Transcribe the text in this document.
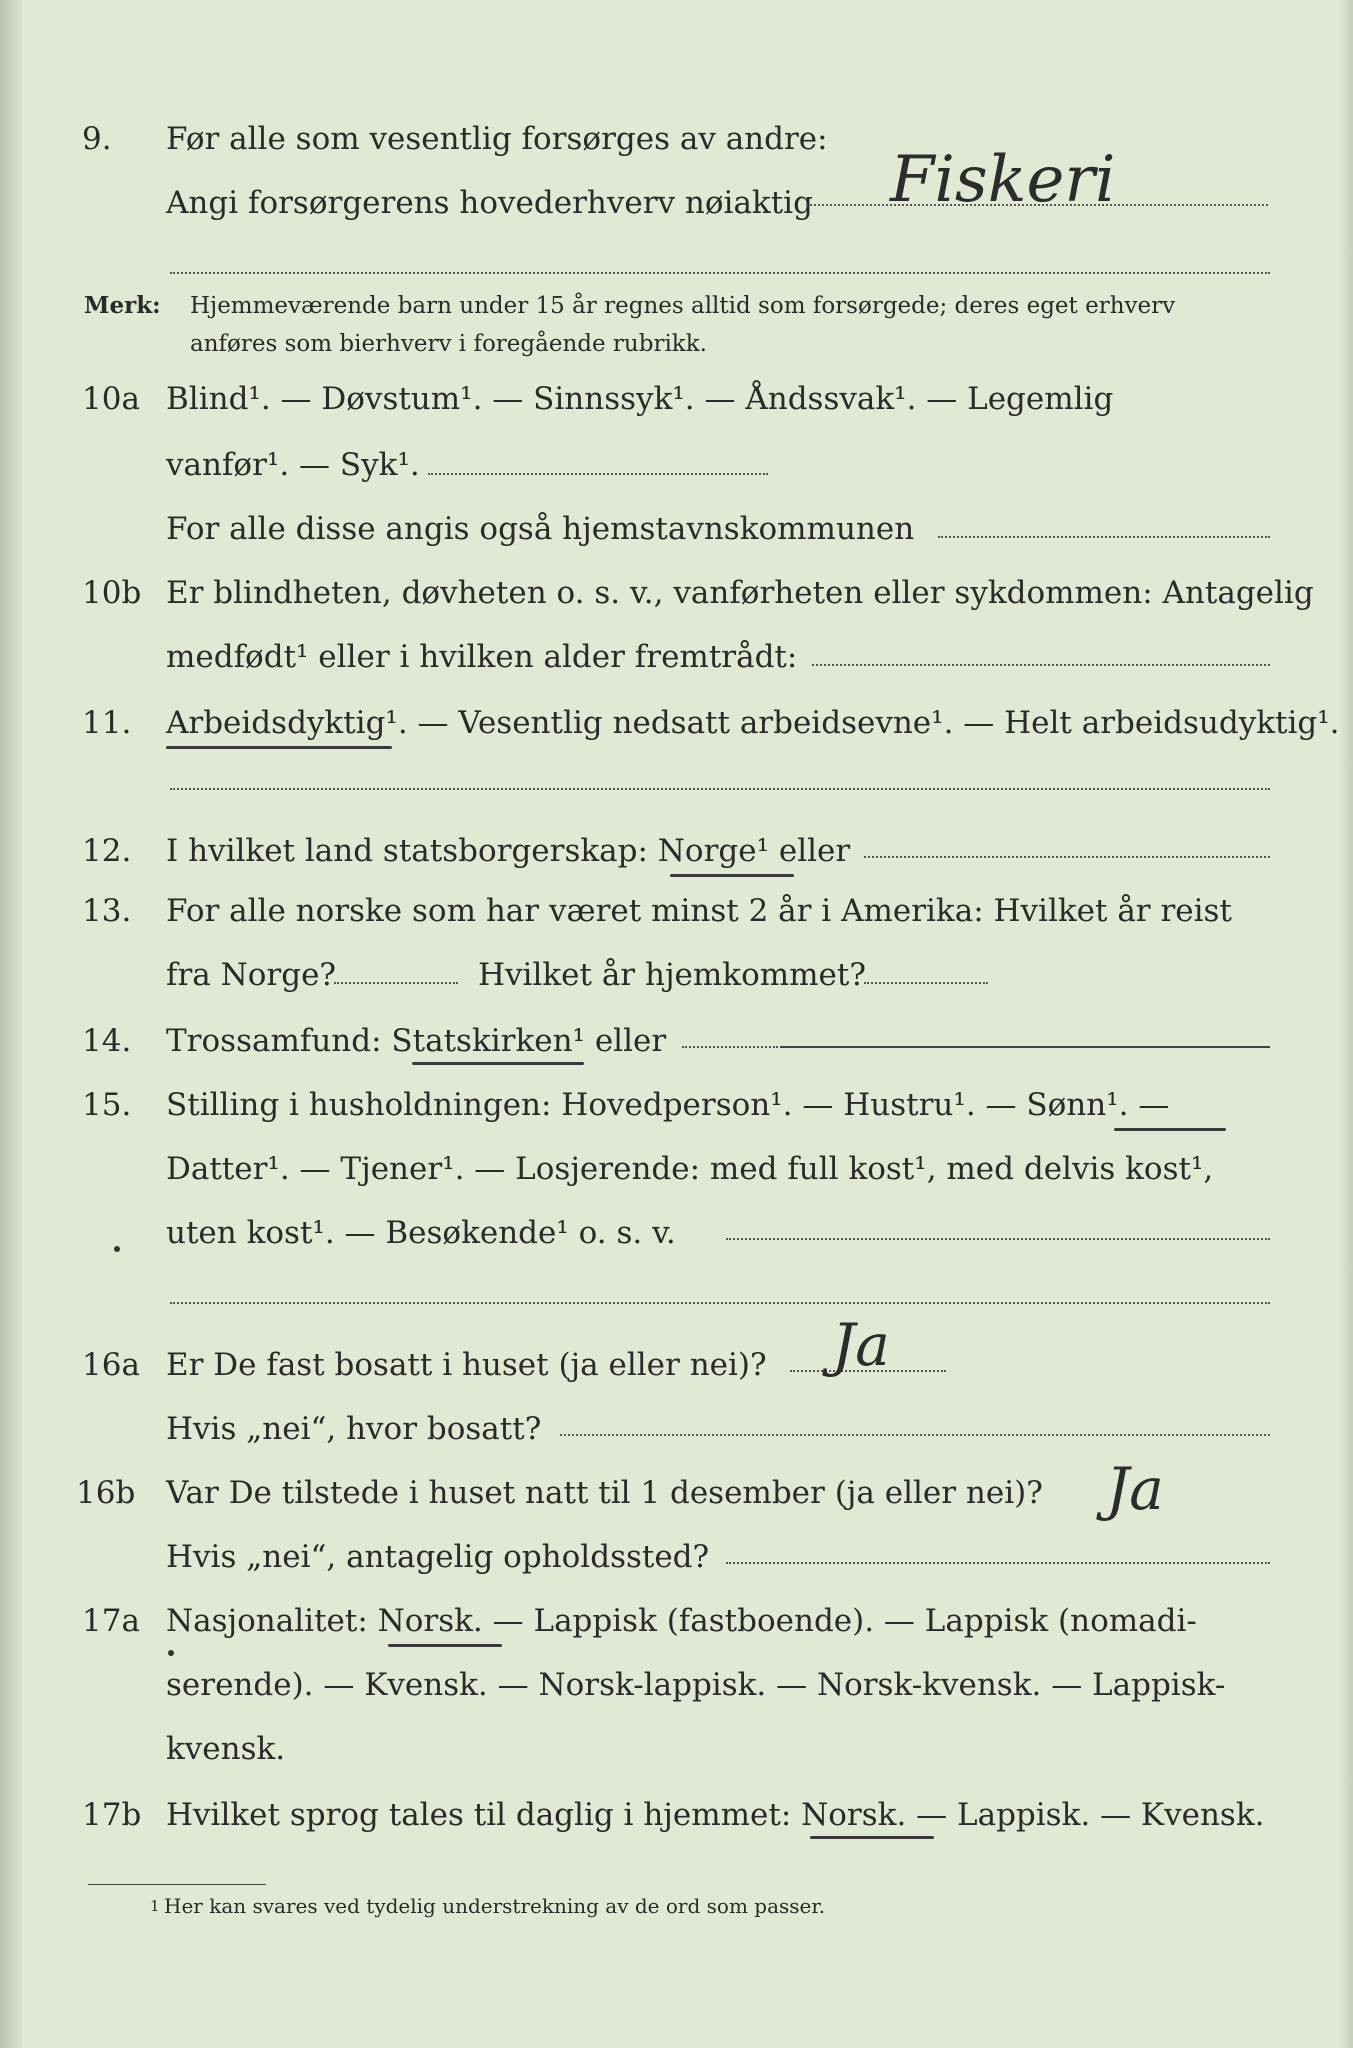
9. Før alle som vesentlig forsørges av andre:
Angi forsørgerens hovederhverv nøiaktig Fiskeri
Merk: Hjemmeværende barn under 15 år regnes alltid som forsørgede; deres eget erhverv
anføres som bierhverv i foregående rubrikk.
10a Blind¹. — Døvstum¹. — Sinnssyk¹. — Åndssvak¹. — Legemlig
vanfør¹. — Syk¹.
For alle disse angis også hjemstavnskommunen
10b Er blindheten, døvheten o. s. v., vanførheten eller sykdommen: Antagelig
medfødt¹ eller i hvilken alder fremtrådt:
11. Arbeidsdyktig¹. — Vesentlig nedsatt arbeidsevne¹. — Helt arbeidsudyktig¹.
12. I hvilket land statsborgerskap: Norge¹ eller
13. For alle norske som har været minst 2 år i Amerika: Hvilket år reist
fra Norge?	Hvilket år hjemkommet?
14. Trossamfund: Statskirken¹ eller
15. Stilling i husholdningen: Hovedperson¹. — Hustru¹. — Sønn¹. —
Datter¹. — Tjener¹. — Losjerende: med full kost¹, med delvis kost¹,
uten kost¹. — Besøkende¹ o. s. v.
16a Er De fast bosatt i huset (ja eller nei)? Ja
Hvis „nei“, hvor bosatt?
16b Var De tilstede i huset natt til 1 desember (ja eller nei)? Ja
Hvis „nei“, antagelig opholdssted?
17a Nasjonalitet: Norsk. — Lappisk (fastboende). — Lappisk (nomadi-
serende). — Kvensk. — Norsk-lappisk. — Norsk-kvensk. — Lappisk-
kvensk.
17b Hvilket sprog tales til daglig i hjemmet: Norsk. — Lappisk. — Kvensk.
1 Her kan svares ved tydelig understrekning av de ord som passer.
